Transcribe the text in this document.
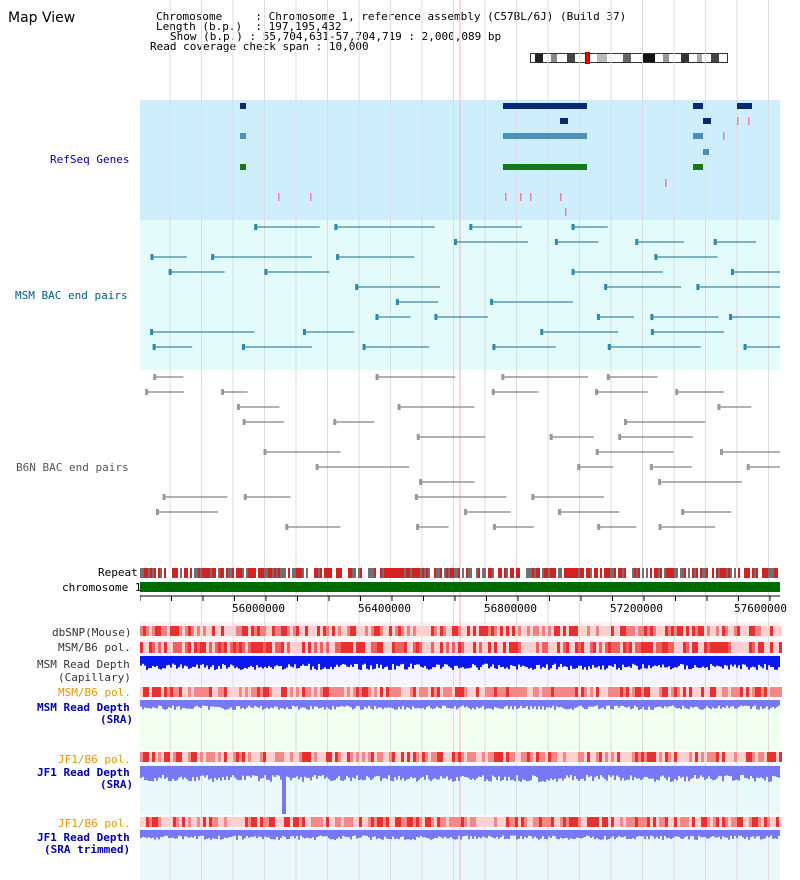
Map View	Chromosome     : Chromosome 1, reference assembly (C57BL/6J) (Build 37)
Length (b.p.)  : 197,195,432
Show (b.p.) : 55,704,631-57,704,719 : 2,000,089 bp
Read coverage check span : 10,000
RefSeq Genes
MSM BAC end pairs
B6N BAC end pairs
Repeat
chromosome 1
dbSNP(Mouse)
MSM/B6 pol.
MSM Read Depth
(Capillary)
MSM/B6 pol.
MSM Read Depth
(SRA)
JF1/B6 pol.
JF1 Read Depth
(SRA)
JF1/B6 pol.
JF1 Read Depth
(SRA trimmed)
56000000	56400000	56800000	57200000	57600000
